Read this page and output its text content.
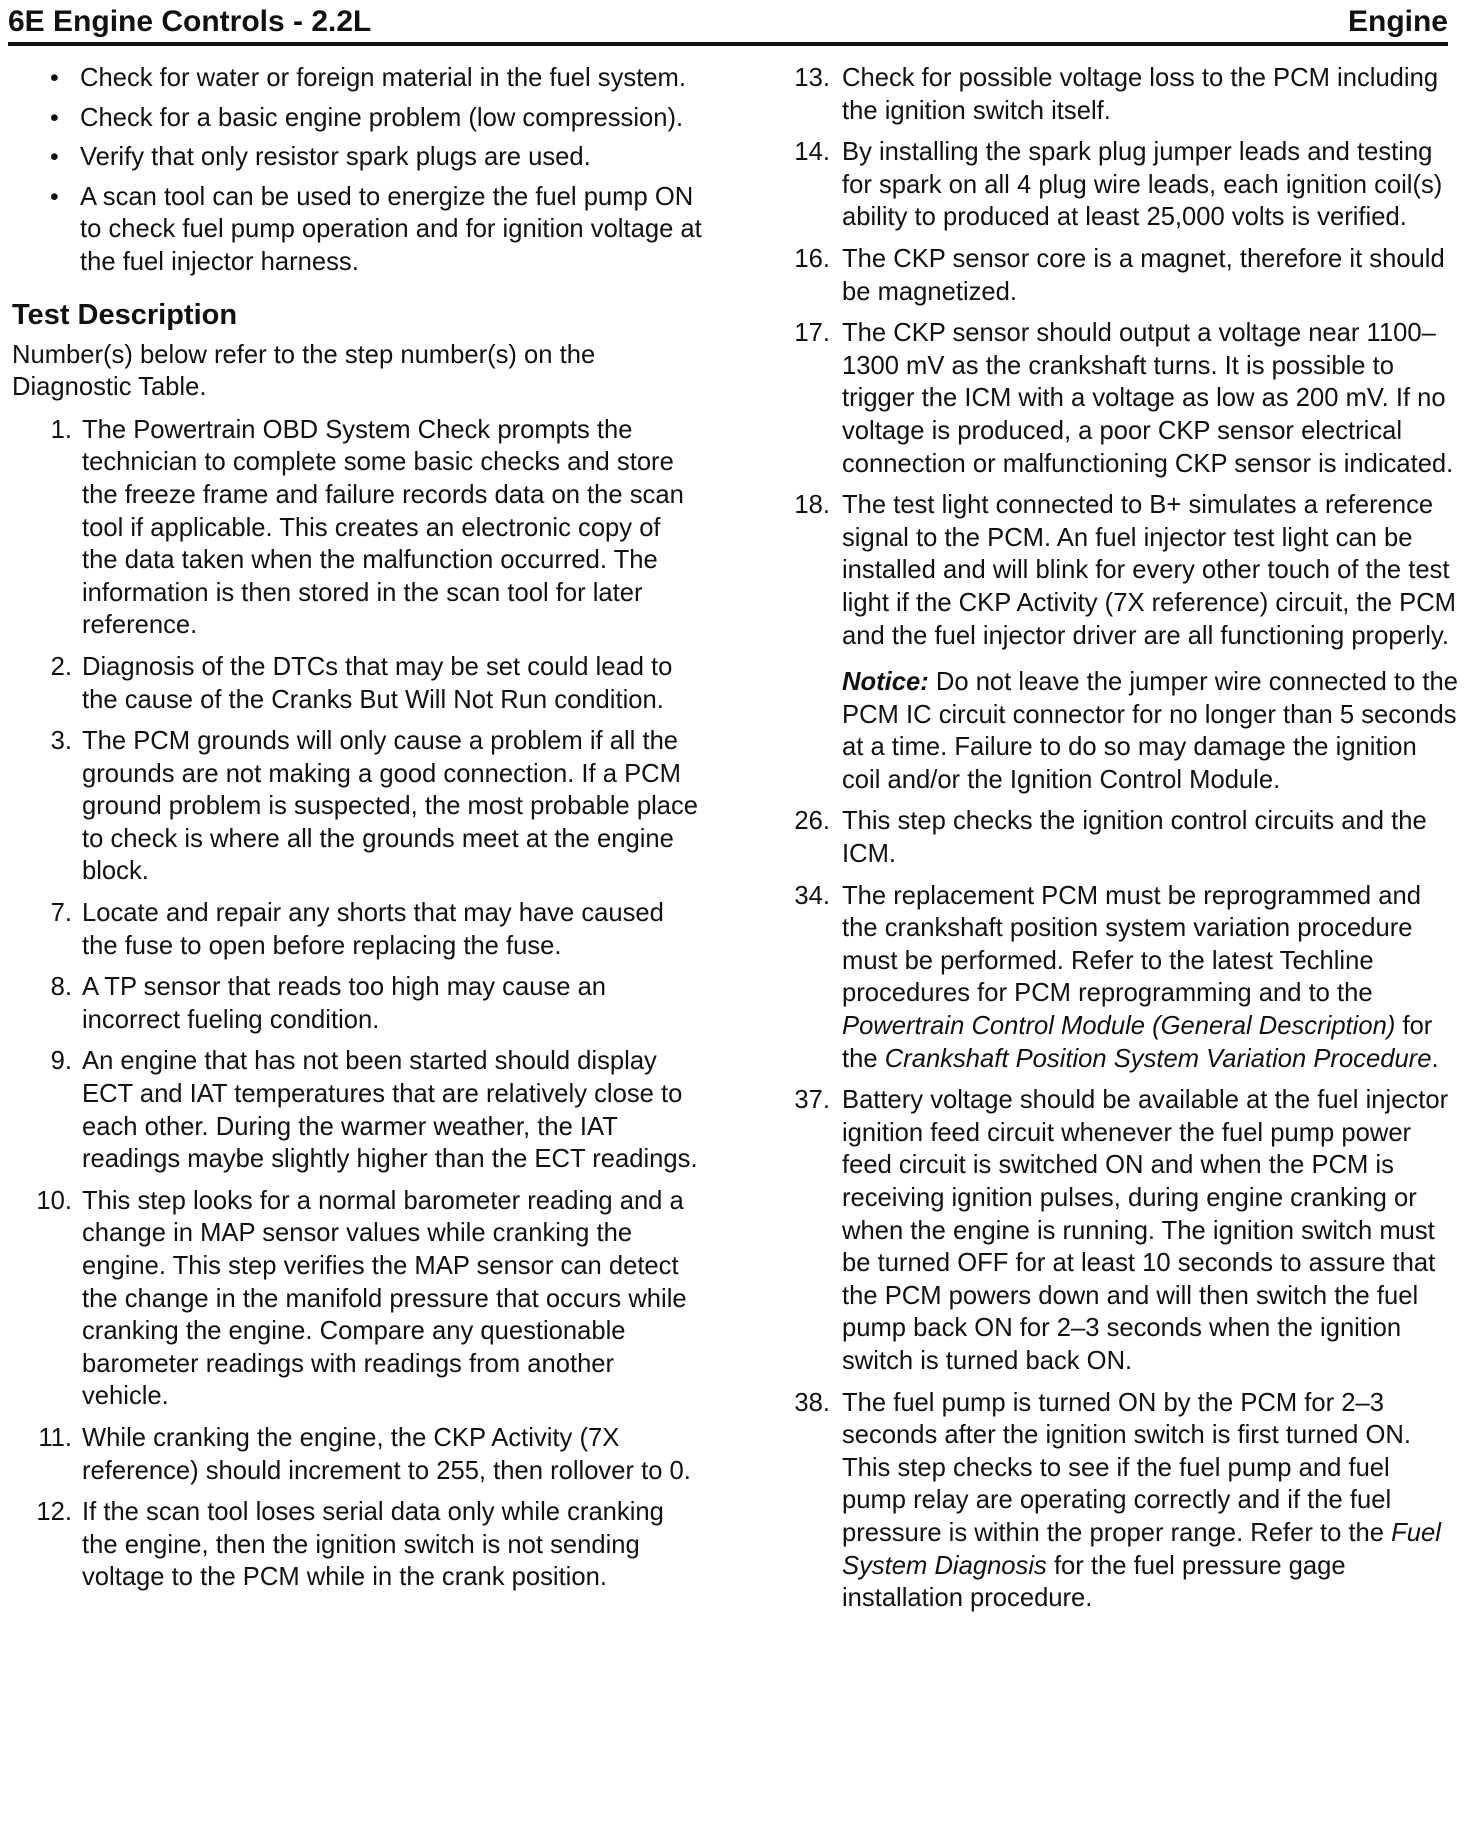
6E Engine Controls - 2.2L	Engine
• Check for water or foreign material in the fuel system.
• Check for a basic engine problem (low compression).
• Verify that only resistor spark plugs are used.
• A scan tool can be used to energize the fuel pump ON to check fuel pump operation and for ignition voltage at the fuel injector harness.
Test Description

Number(s) below refer to the step number(s) on the Diagnostic Table.

1. The Powertrain OBD System Check prompts the technician to complete some basic checks and store the freeze frame and failure records data on the scan tool if applicable. This creates an electronic copy of the data taken when the malfunction occurred. The information is then stored in the scan tool for later reference.
2. Diagnosis of the DTCs that may be set could lead to the cause of the Cranks But Will Not Run condition.
3. The PCM grounds will only cause a problem if all the grounds are not making a good connection. If a PCM ground problem is suspected, the most probable place to check is where all the grounds meet at the engine block.
7. Locate and repair any shorts that may have caused the fuse to open before replacing the fuse.
8. A TP sensor that reads too high may cause an incorrect fueling condition.
9. An engine that has not been started should display ECT and IAT temperatures that are relatively close to each other. During the warmer weather, the IAT readings maybe slightly higher than the ECT readings.
10. This step looks for a normal barometer reading and a change in MAP sensor values while cranking the engine. This step verifies the MAP sensor can detect the change in the manifold pressure that occurs while cranking the engine. Compare any questionable barometer readings with readings from another vehicle.
11. While cranking the engine, the CKP Activity (7X reference) should increment to 255, then rollover to 0.
12. If the scan tool loses serial data only while cranking the engine, then the ignition switch is not sending voltage to the PCM while in the crank position.
13. Check for possible voltage loss to the PCM including the ignition switch itself.
14. By installing the spark plug jumper leads and testing for spark on all 4 plug wire leads, each ignition coil(s) ability to produced at least 25,000 volts is verified.
16. The CKP sensor core is a magnet, therefore it should be magnetized.
17. The CKP sensor should output a voltage near 1100–1300 mV as the crankshaft turns. It is possible to trigger the ICM with a voltage as low as 200 mV. If no voltage is produced, a poor CKP sensor electrical connection or malfunctioning CKP sensor is indicated.
18. The test light connected to B+ simulates a reference signal to the PCM. An fuel injector test light can be installed and will blink for every other touch of the test light if the CKP Activity (7X reference) circuit, the PCM and the fuel injector driver are all functioning properly.
Notice: Do not leave the jumper wire connected to the PCM IC circuit connector for no longer than 5 seconds at a time. Failure to do so may damage the ignition coil and/or the Ignition Control Module.
26. This step checks the ignition control circuits and the ICM.
34. The replacement PCM must be reprogrammed and the crankshaft position system variation procedure must be performed. Refer to the latest Techline procedures for PCM reprogramming and to the Powertrain Control Module (General Description) for the Crankshaft Position System Variation Procedure.
37. Battery voltage should be available at the fuel injector ignition feed circuit whenever the fuel pump power feed circuit is switched ON and when the PCM is receiving ignition pulses, during engine cranking or when the engine is running. The ignition switch must be turned OFF for at least 10 seconds to assure that the PCM powers down and will then switch the fuel pump back ON for 2–3 seconds when the ignition switch is turned back ON.
38. The fuel pump is turned ON by the PCM for 2–3 seconds after the ignition switch is first turned ON. This step checks to see if the fuel pump and fuel pump relay are operating correctly and if the fuel pressure is within the proper range. Refer to the Fuel System Diagnosis for the fuel pressure gage installation procedure.
